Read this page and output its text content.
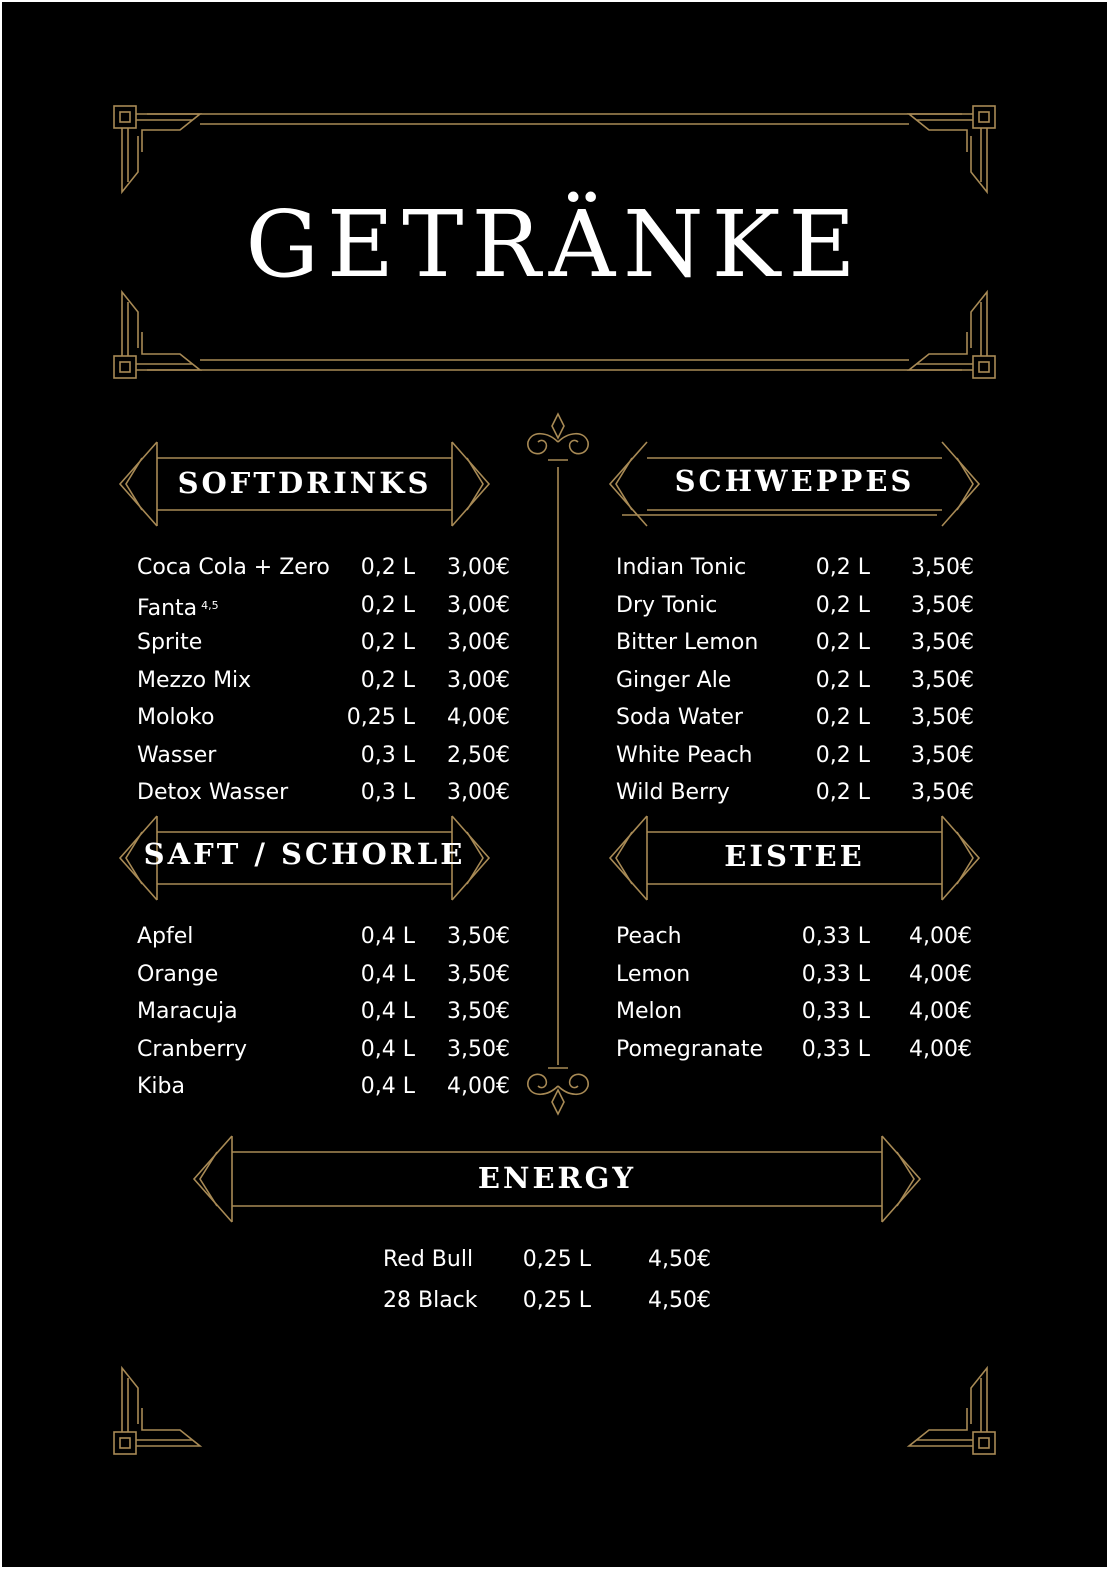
GETRÄNKE
SOFTDRINKS	SCHWEPPES
SAFT / SCHORLE	EISTEE
ENERGY
Coca Cola + Zero 0,2 L 3,00€
Fanta $^{4,5}$	0,2 L 3,00€
Sprite	0,2 L 3,00€
Mezzo Mix	0,2 L 3,00€
Moloko	0,25 L 4,00€
Wasser	0,3 L 2,50€
Detox Wasser	0,3 L 3,00€
Indian Tonic	0,2 L 3,50€
Dry Tonic	0,2 L 3,50€
Bitter Lemon	0,2 L 3,50€
Ginger Ale	0,2 L 3,50€
Soda Water	0,2 L 3,50€
White Peach	0,2 L 3,50€
Wild Berry	0,2 L 3,50€
Apfel	0,4 L 3,50€
Orange	0,4 L 3,50€
Maracuja	0,4 L 3,50€
Cranberry	0,4 L 3,50€
Kiba	0,4 L 4,00€
Peach	0,33 L 4,00€
Lemon	0,33 L 4,00€
Melon	0,33 L 4,00€
Pomegranate 0,33 L 4,00€
Red Bull 0,25 L	4,50€
28 Black 0,25 L	4,50€
